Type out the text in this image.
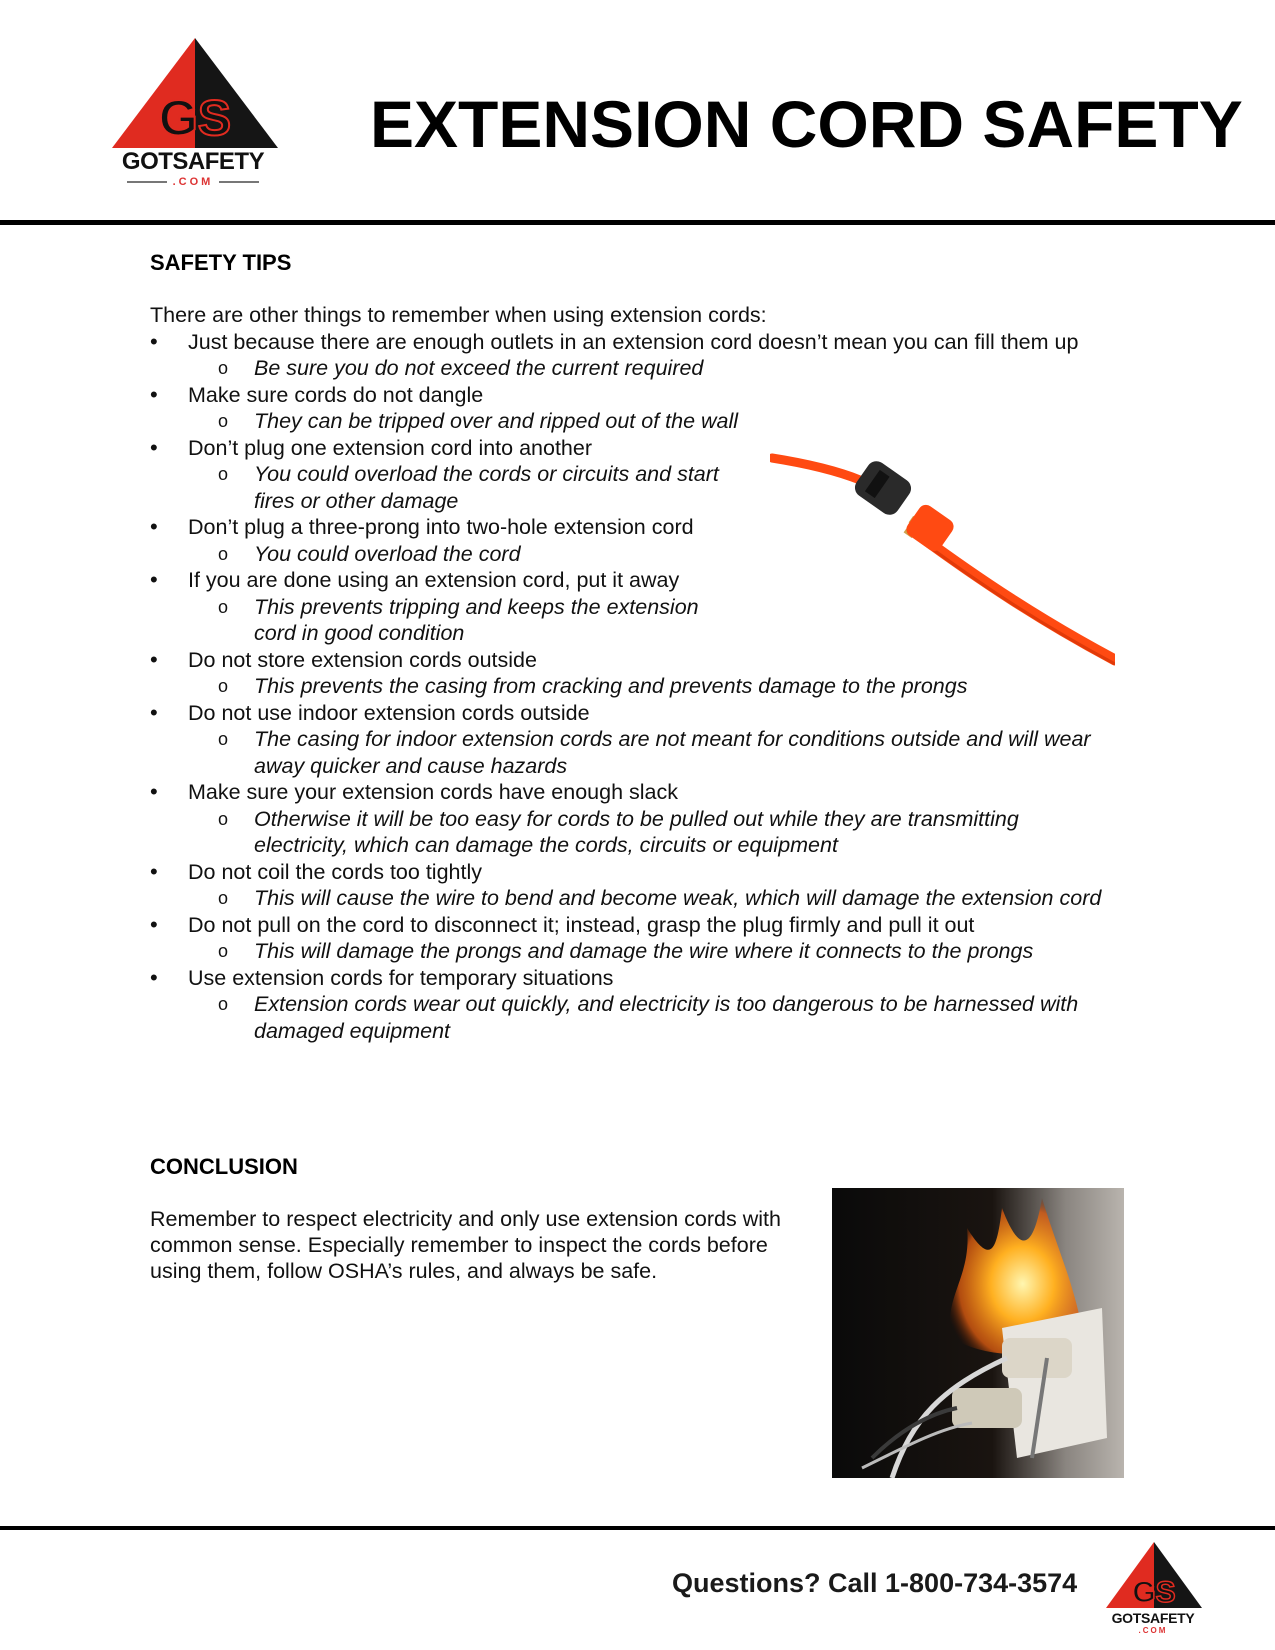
GS
GOTSAFETY
.COM
EXTENSION CORD SAFETY
SAFETY TIPS

There are other things to remember when using extension cords:

• Just because there are enough outlets in an extension cord doesn’t mean you can fill them up
o Be sure you do not exceed the current required
• Make sure cords do not dangle
o They can be tripped over and ripped out of the wall
• Don’t plug one extension cord into another
o You could overload the cords or circuits and start fires or other damage
• Don’t plug a three-prong into two-hole extension cord
o You could overload the cord
• If you are done using an extension cord, put it away
o This prevents tripping and keeps the extension cord in good condition
• Do not store extension cords outside
o This prevents the casing from cracking and prevents damage to the prongs
• Do not use indoor extension cords outside
o The casing for indoor extension cords are not meant for conditions outside and will wear away quicker and cause hazards
• Make sure your extension cords have enough slack
o Otherwise it will be too easy for cords to be pulled out while they are transmitting electricity, which can damage the cords, circuits or equipment
• Do not coil the cords too tightly
o This will cause the wire to bend and become weak, which will damage the extension cord
• Do not pull on the cord to disconnect it; instead, grasp the plug firmly and pull it out
o This will damage the prongs and damage the wire where it connects to the prongs
• Use extension cords for temporary situations
o Extension cords wear out quickly, and electricity is too dangerous to be harnessed with damaged equipment
CONCLUSION

Remember to respect electricity and only use extension cords with common sense. Especially remember to inspect the cords before using them, follow OSHA’s rules, and always be safe.

Questions? Call 1-800-734-3574 GS
GOTSAFETY
.COM
